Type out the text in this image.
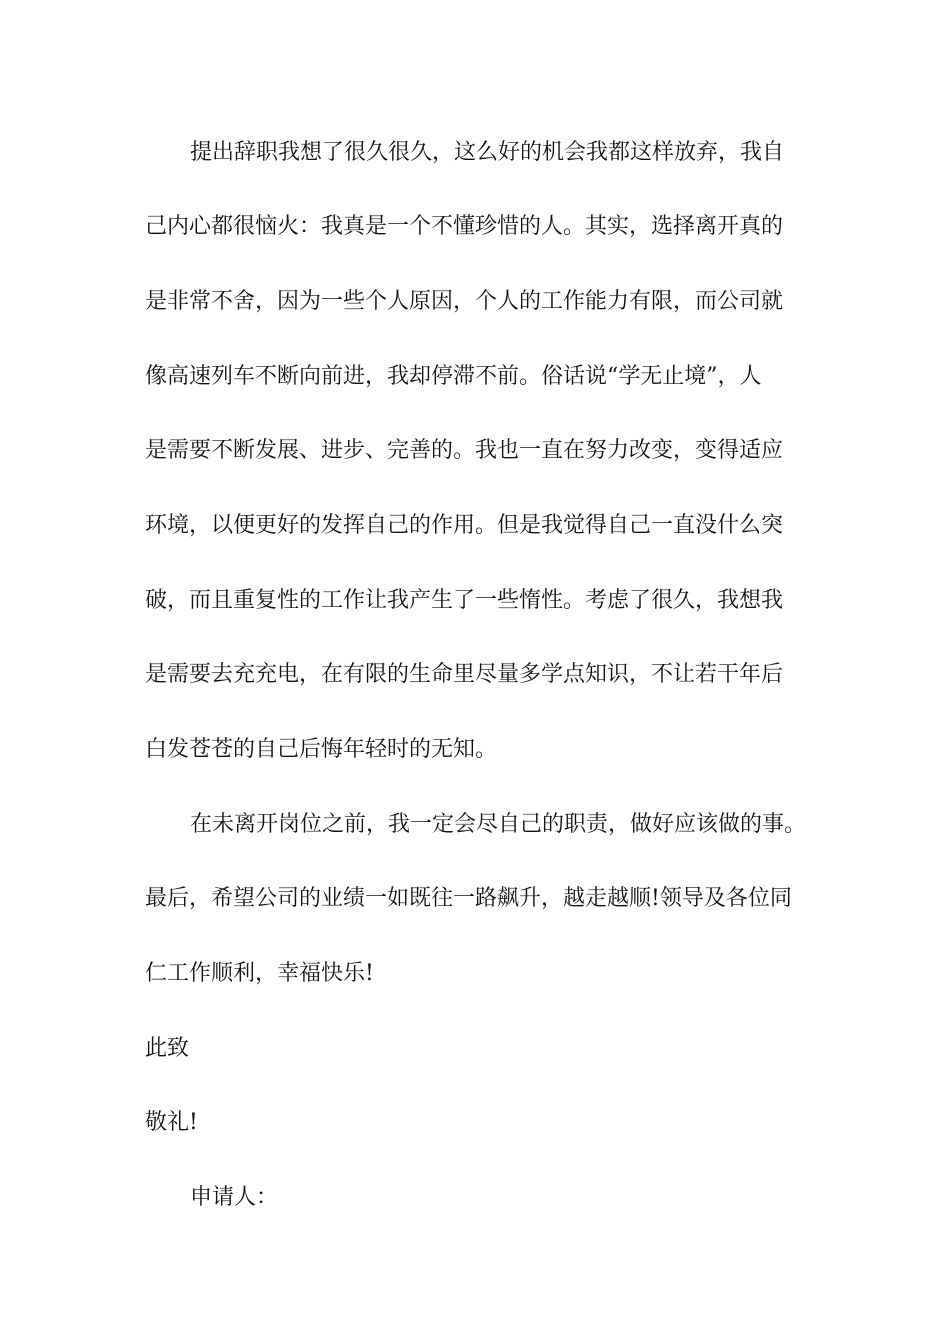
提出辞职我想了很久很久，这么好的机会我都这样放弃，我自
己内心都很恼火：我真是一个不懂珍惜的人。其实，选择离开真的
是非常不舍，因为一些个人原因，个人的工作能力有限，而公司就
像高速列车不断向前进，我却停滞不前。俗话说“学无止境”，人
是需要不断发展、进步、完善的。我也一直在努力改变，变得适应
环境，以便更好的发挥自己的作用。但是我觉得自己一直没什么突
破，而且重复性的工作让我产生了一些惰性。考虑了很久，我想我
是需要去充充电，在有限的生命里尽量多学点知识，不让若干年后
白发苍苍的自己后悔年轻时的无知。
在未离开岗位之前，我一定会尽自己的职责，做好应该做的事。
最后，希望公司的业绩一如既往一路飙升，越走越顺!领导及各位同
仁工作顺利，幸福快乐!
此致
敬礼!
申请人：
